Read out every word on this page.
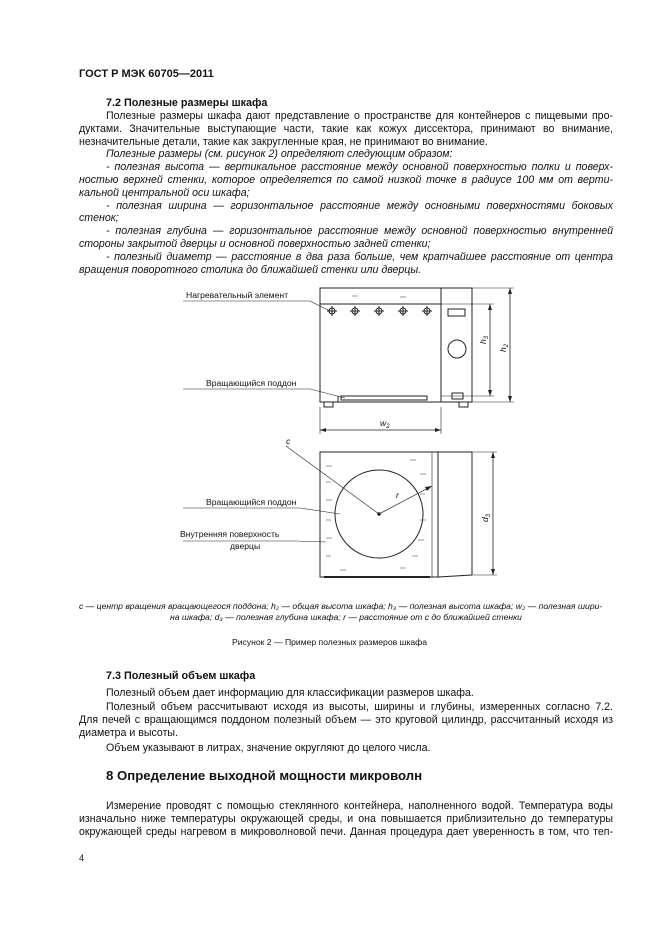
ГОСТ Р МЭК 60705—2011
7.2 Полезные размеры шкафа
Полезные размеры шкафа дают представление о пространстве для контейнеров с пищевыми про-
дуктами. Значительные выступающие части, такие как кожух диссектора, принимают во внимание,
незначительные детали, такие как закругленные края, не принимают во внимание.
Полезные размеры (см. рисунок 2) определяют следующим образом:
- полезная высота — вертикальное расстояние между основной поверхностью полки и поверх-
ностью верхней стенки, которое определяется по самой низкой точке в радиусе 100 мм от верти-
кальной центральной оси шкафа;
- полезная ширина — горизонтальное расстояние между основными поверхностями боковых
стенок;
- полезная глубина — горизонтальное расстояние между основной поверхностью внутренней
стороны закрытой дверцы и основной поверхностью задней стенки;
- полезный диаметр — расстояние в два раза больше, чем кратчайшее расстояние от центра
вращения поворотного столика до ближайшей стенки или дверцы.
Нагревательный элемент
Вращающийся поддон
$h_3$
$h_2$
$w_2$
c
Вращающийся поддон
Внутренняя поверхность
дверцы
r
$d_3$
c — центр вращения вращающегося поддона; h₂ — общая высота шкафа; h₃ — полезная высота шкафа; w₂ — полезная шири-
на шкафа; d₃ — полезная глубина шкафа; r — расстояние от c до ближайшей стенки
Рисунок 2 — Пример полезных размеров шкафа
7.3 Полезный объем шкафа
Полезный объем дает информацию для классификации размеров шкафа.
Полезный объем рассчитывают исходя из высоты, ширины и глубины, измеренных согласно 7.2.
Для печей с вращающимся поддоном полезный объем — это круговой цилиндр, рассчитанный исходя из
диаметра и высоты.
Объем указывают в литрах, значение округляют до целого числа.
8 Определение выходной мощности микроволн
Измерение проводят с помощью стеклянного контейнера, наполненного водой. Температура воды
изначально ниже температуры окружающей среды, и она повышается приблизительно до температуры
окружающей среды нагревом в микроволновой печи. Данная процедура дает уверенность в том, что теп-
4
